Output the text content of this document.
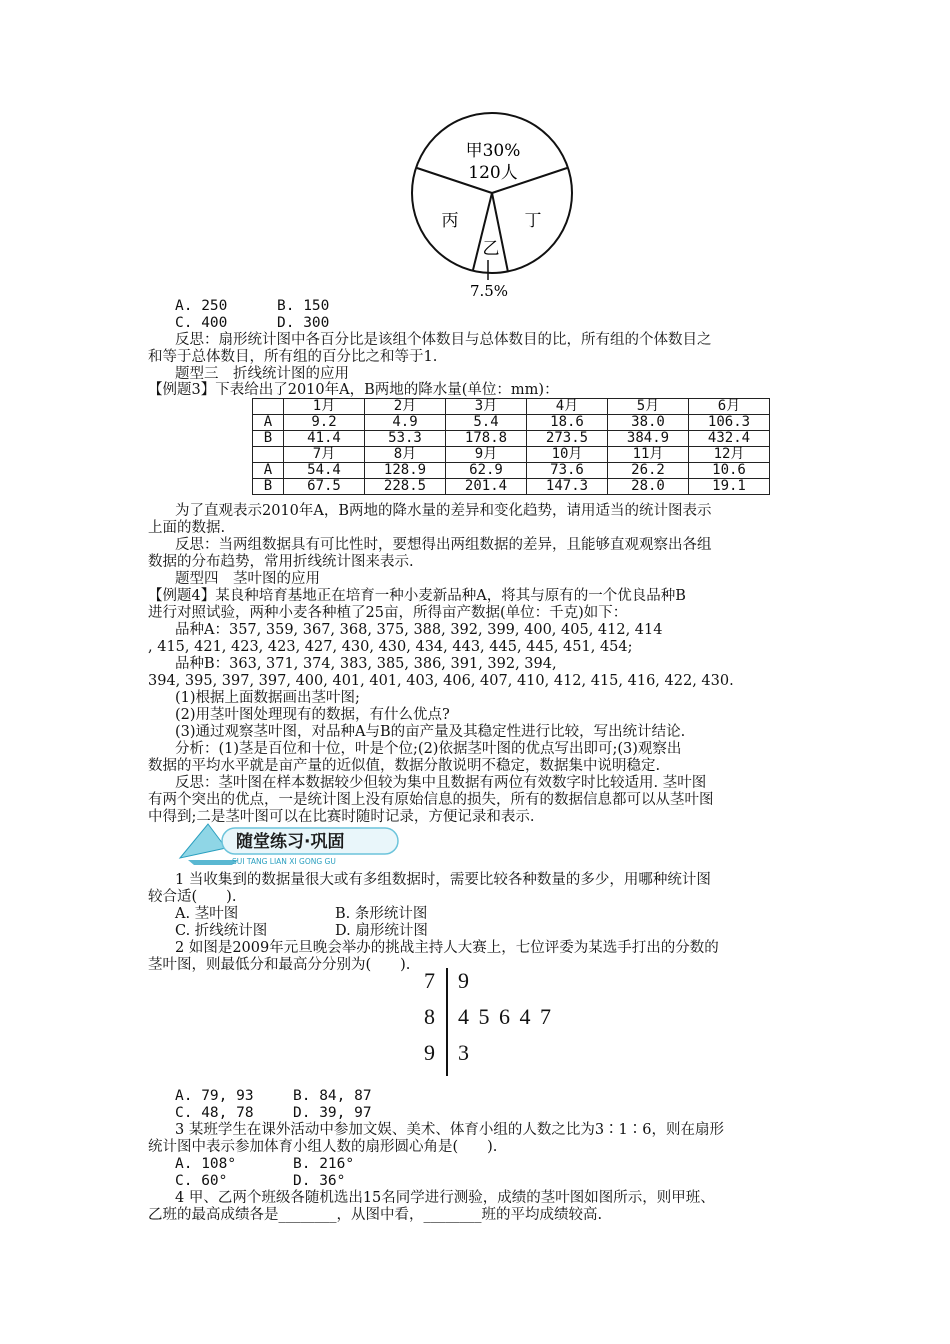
甲30%
120人
丙	丁
乙
7.5%
A. 250	B. 150
C. 400	D. 300
反思：扇形统计图中各百分比是该组个体数目与总体数目的比，所有组的个体数目之
和等于总体数目，所有组的百分比之和等于1.
题型三　折线统计图的应用
【例题3】下表给出了2010年A，B两地的降水量(单位：mm)：
	1月	2月	3月	4月	5月	6月
A	9.2	4.9	5.4	18.6	38.0	106.3
B	41.4	53.3	178.8	273.5	384.9	432.4
	7月	8月	9月	10月	11月	12月
A	54.4	128.9	62.9	73.6	26.2	10.6
B	67.5	228.5	201.4	147.3	28.0	19.1
为了直观表示2010年A，B两地的降水量的差异和变化趋势，请用适当的统计图表示
上面的数据.
反思：当两组数据具有可比性时，要想得出两组数据的差异，且能够直观观察出各组
数据的分布趋势，常用折线统计图来表示.
题型四　茎叶图的应用
【例题4】某良种培育基地正在培育一种小麦新品种A，将其与原有的一个优良品种B
进行对照试验，两种小麦各种植了25亩，所得亩产数据(单位：千克)如下：
品种A：357, 359, 367, 368, 375, 388, 392, 399, 400, 405, 412, 414
, 415, 421, 423, 423, 427, 430, 430, 434, 443, 445, 445, 451, 454;
品种B：363, 371, 374, 383, 385, 386, 391, 392, 394,
394, 395, 397, 397, 400, 401, 401, 403, 406, 407, 410, 412, 415, 416, 422, 430.
(1)根据上面数据画出茎叶图;
(2)用茎叶图处理现有的数据，有什么优点?
(3)通过观察茎叶图，对品种A与B的亩产量及其稳定性进行比较，写出统计结论.
分析：(1)茎是百位和十位，叶是个位;(2)依据茎叶图的优点写出即可;(3)观察出
数据的平均水平就是亩产量的近似值，数据分散说明不稳定，数据集中说明稳定.
反思：茎叶图在样本数据较少但较为集中且数据有两位有效数字时比较适用. 茎叶图
有两个突出的优点，一是统计图上没有原始信息的损失，所有的数据信息都可以从茎叶图
中得到;二是茎叶图可以在比赛时随时记录，方便记录和表示.
随堂练习·巩固
SUI TANG LIAN XI GONG GU
1 当收集到的数据量很大或有多组数据时，需要比较各种数量的多少，用哪种统计图
较合适(　　).
A. 茎叶图	B. 条形统计图
C. 折线统计图	D. 扇形统计图
2 如图是2009年元旦晚会举办的挑战主持人大赛上，七位评委为某选手打出的分数的
茎叶图，则最低分和最高分分别为(　　).
7 9
8 4 5 6 4 7
9 3
A. 79, 93	B. 84, 87
C. 48, 78	D. 39, 97
3 某班学生在课外活动中参加文娱、美术、体育小组的人数之比为3∶1∶6，则在扇形
统计图中表示参加体育小组人数的扇形圆心角是(　　).
A. 108°	B. 216°
C. 60°	D. 36°
4 甲、乙两个班级各随机选出15名同学进行测验，成绩的茎叶图如图所示，则甲班、
乙班的最高成绩各是________，从图中看，________班的平均成绩较高.
